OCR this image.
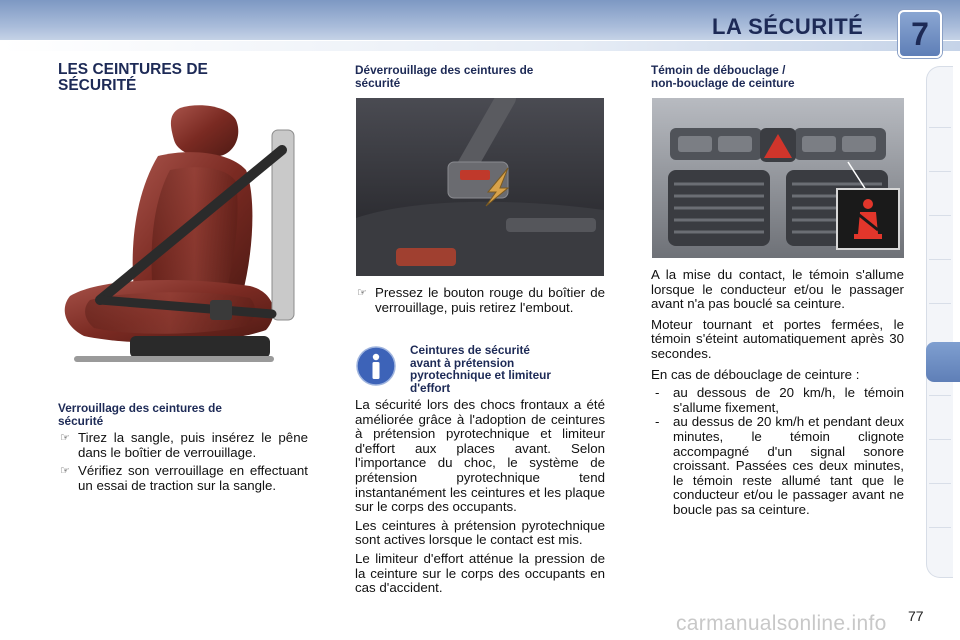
LA SÉCURITÉ	7
LES CEINTURES DE
SÉCURITÉ
Verrouillage des ceintures de
sécurité
☞ Tirez la sangle, puis insérez le pêne dans le boîtier de verrouillage.
☞ Vérifiez son verrouillage en effectuant un essai de traction sur la sangle.
Déverrouillage des ceintures de
sécurité
☞ Pressez le bouton rouge du boîtier de verrouillage, puis retirez l'embout.
Ceintures de sécurité
avant à prétension
pyrotechnique et limiteur
d'effort

La sécurité lors des chocs frontaux a été améliorée grâce à l'adoption de ceintures à prétension pyrotechnique et limiteur d'effort aux places avant. Selon l'importance du choc, le système de prétension pyrotechnique tend instantanément les ceintures et les plaque sur le corps des occupants.

Les ceintures à prétension pyrotechnique sont actives lorsque le contact est mis.

Le limiteur d'effort atténue la pression de la ceinture sur le corps des occupants en cas d'accident.

Témoin de débouclage /
non-bouclage de ceinture

A la mise du contact, le témoin s'allume lorsque le conducteur et/ou le passager avant n'a pas bouclé sa ceinture.

Moteur tournant et portes fermées, le témoin s'éteint automatiquement après 30 secondes.

En cas de débouclage de ceinture :

- au dessous de 20 km/h, le témoin s'allume fixement,
- au dessus de 20 km/h et pendant deux minutes, le témoin clignote accompagné d'un signal sonore croissant. Passées ces deux minutes, le témoin reste allumé tant que le conducteur et/ou le passager avant ne boucle pas sa ceinture.
carmanualsonline.info 77
